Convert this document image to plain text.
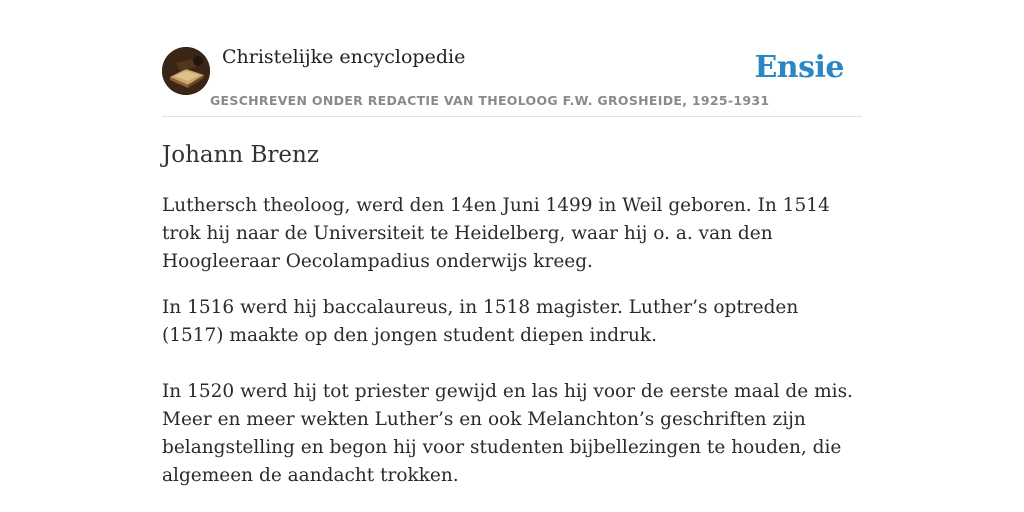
Christelijke encyclopedie
GESCHREVEN ONDER REDACTIE VAN THEOLOOG F.W. GROSHEIDE, 1925-1931
Ensie
Johann Brenz

Luthersch theoloog, werd den 14en Juni 1499 in Weil geboren. In 1514 trok hij naar de Universiteit te Heidelberg, waar hij o. a. van den Hoogleeraar Oecolampadius onderwijs kreeg.

In 1516 werd hij baccalaureus, in 1518 magister. Luther’s optreden (1517) maakte op den jongen student diepen indruk.

In 1520 werd hij tot priester gewijd en las hij voor de eerste maal de mis. Meer en meer wekten Luther’s en ook Melanchton’s geschriften zijn belangstelling en begon hij voor studenten bijbellezingen te houden, die algemeen de aandacht trokken.
